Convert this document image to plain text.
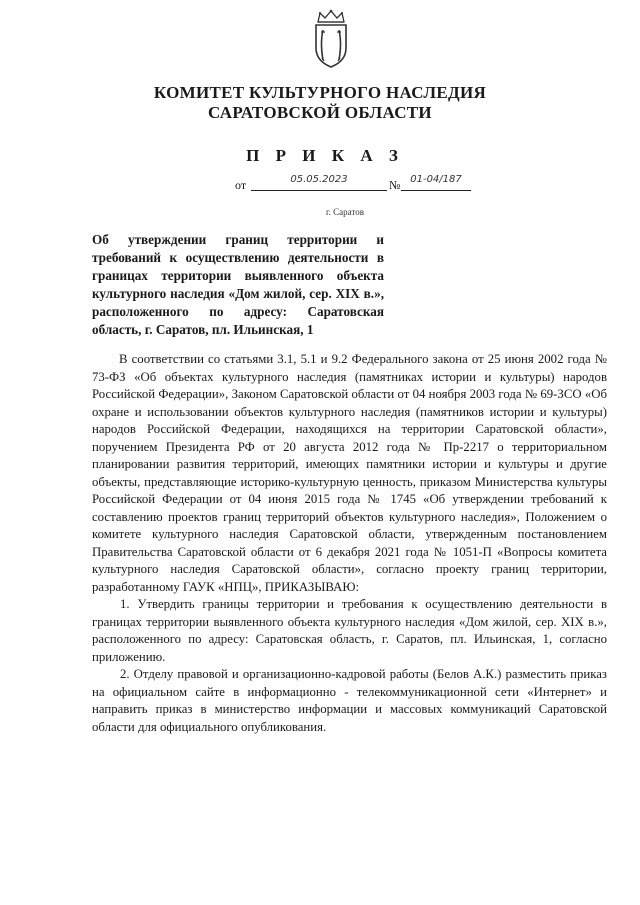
КОМИТЕТ КУЛЬТУРНОГО НАСЛЕДИЯ
САРАТОВСКОЙ ОБЛАСТИ
П Р И К А З
от	05.05.2023	№ 01-04/187
г. Саратов
Об утверждении границ территории и требований к осуществлению деятельности в границах территории выявленного объекта культурного наследия «Дом жилой, сер. XIX в.», расположенного по адресу: Саратовская область, г. Саратов, пл. Ильинская, 1

В соответствии со статьями 3.1, 5.1 и 9.2 Федерального закона от 25 июня 2002 года № 73-ФЗ «Об объектах культурного наследия (памятниках истории и культуры) народов Российской Федерации», Законом Саратовской области от 04 ноября 2003 года № 69-ЗСО «Об охране и использовании объектов культурного наследия (памятников истории и культуры) народов Российской Федерации, находящихся на территории Саратовской области», поручением Президента РФ от 20 августа 2012 года № Пр-2217 о территориальном планировании развития территорий, имеющих памятники истории и культуры и другие объекты, представляющие историко-культурную ценность, приказом Министерства культуры Российской Федерации от 04 июня 2015 года № 1745 «Об утверждении требований к составлению проектов границ территорий объектов культурного наследия», Положением о комитете культурного наследия Саратовской области, утвержденным постановлением Правительства Саратовской области от 6 декабря 2021 года № 1051-П «Вопросы комитета культурного наследия Саратовской области», согласно проекту границ территории, разработанному ГАУК «НПЦ», ПРИКАЗЫВАЮ:

1. Утвердить границы территории и требования к осуществлению деятельности в границах территории выявленного объекта культурного наследия «Дом жилой, сер. XIX в.», расположенного по адресу: Саратовская область, г. Саратов, пл. Ильинская, 1, согласно приложению.

2. Отделу правовой и организационно-кадровой работы (Белов А.К.) разместить приказ на официальном сайте в информационно - телекоммуникационной сети «Интернет» и направить приказ в министерство информации и массовых коммуникаций Саратовской области для официального опубликования.
